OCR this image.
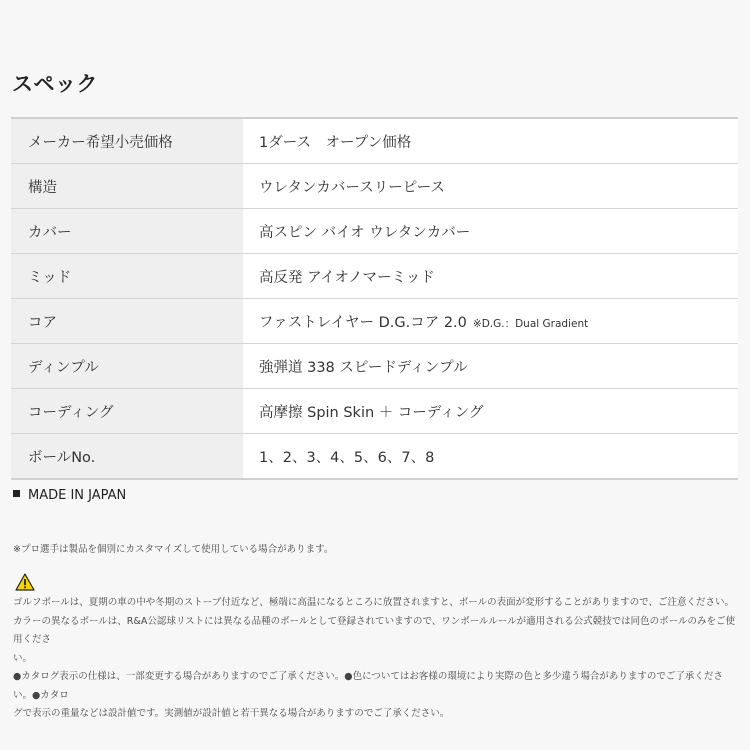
スペック
メーカー希望小売価格	1ダース　オープン価格
構造	ウレタンカバースリーピース
カバー	高スピン バイオ ウレタンカバー
ミッド	高反発 アイオノマーミッド
コア	ファストレイヤー D.G.コア 2.0 ※D.G.：Dual Gradient
ディンプル	強弾道 338 スピードディンプル
コーディング	高摩擦 Spin Skin ＋ コーディング
ボールNo.	1、2、3、4、5、6、7、8
MADE IN JAPAN
※プロ選手は製品を個別にカスタマイズして使用している場合があります。

ゴルフボールは、夏期の車の中や冬期のストーブ付近など、極端に高温になるところに放置されますと、ボールの表面が変形することがありますので、ご注意ください。

カラーの異なるボールは、R&A公認球リストには異なる品種のボールとして登録されていますので、ワンボールルールが適用される公式競技では同色のボールのみをご使用くださ

い。

●カタログ表示の仕様は、一部変更する場合がありますのでご了承ください。●色についてはお客様の環境により実際の色と多少違う場合がありますのでご了承ください。●カタロ

グで表示の重量などは設計値です。実測値が設計値と若干異なる場合がありますのでご了承ください。
